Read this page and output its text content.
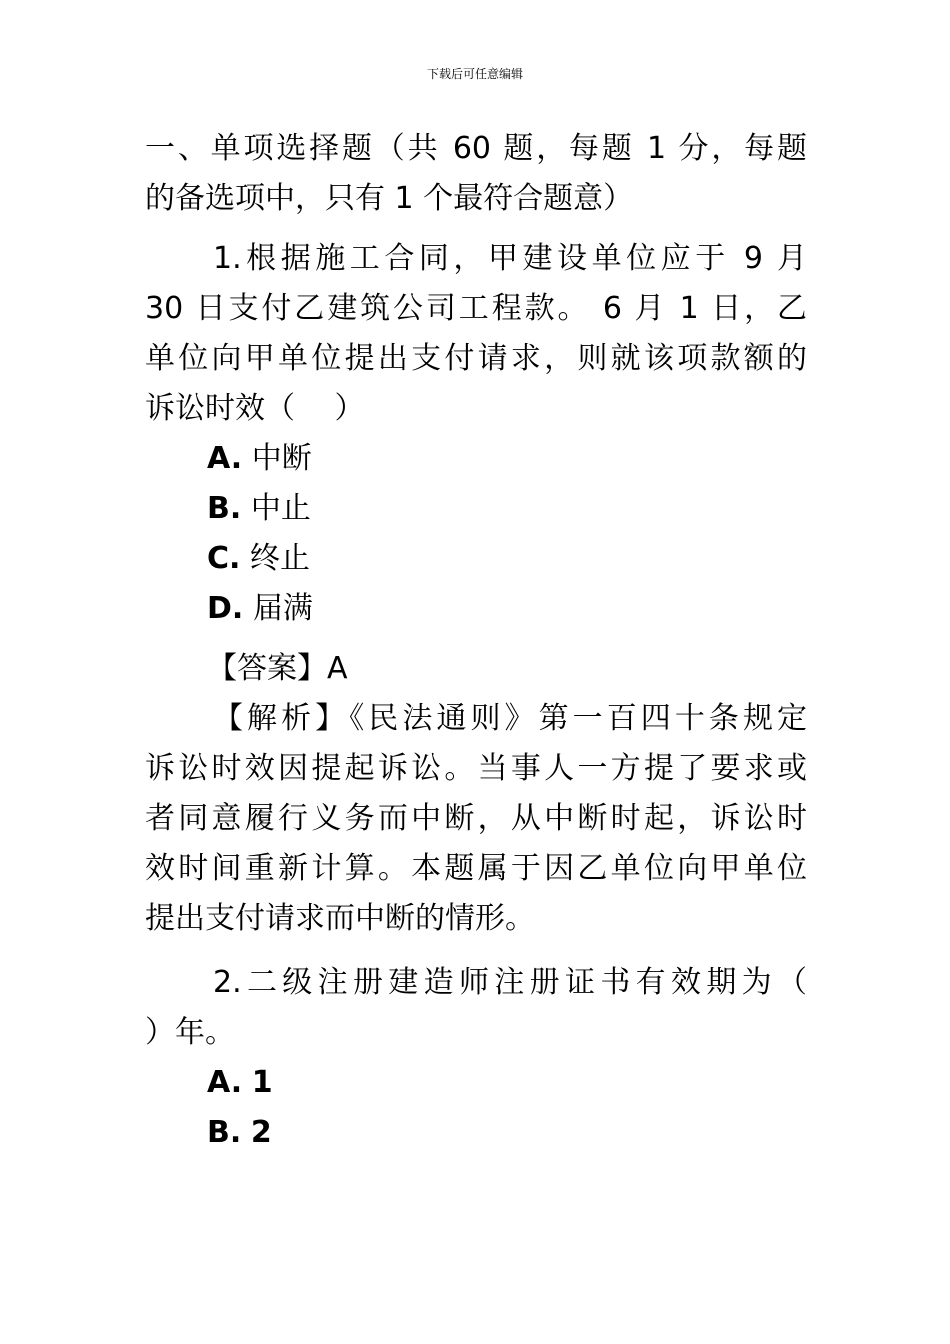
下载后可任意编辑

一、单项选择题（共 60 题，每题 1 分，每题

的备选项中，只有 1 个最符合题意）

1.根据施工合同，甲建设单位应于 9 月

30 日支付乙建筑公司工程款。 6 月 1 日，乙

单位向甲单位提出支付请求，则就该项款额的

诉讼时效（　 ）

A. 中断

B. 中止

C. 终止

D. 届满

【答案】A

【解析】《民法通则》第一百四十条规定

诉讼时效因提起诉讼。当事人一方提了要求或

者同意履行义务而中断，从中断时起，诉讼时

效时间重新计算。本题属于因乙单位向甲单位

提出支付请求而中断的情形。

2.二级注册建造师注册证书有效期为（

）年。

A. 1

B. 2
